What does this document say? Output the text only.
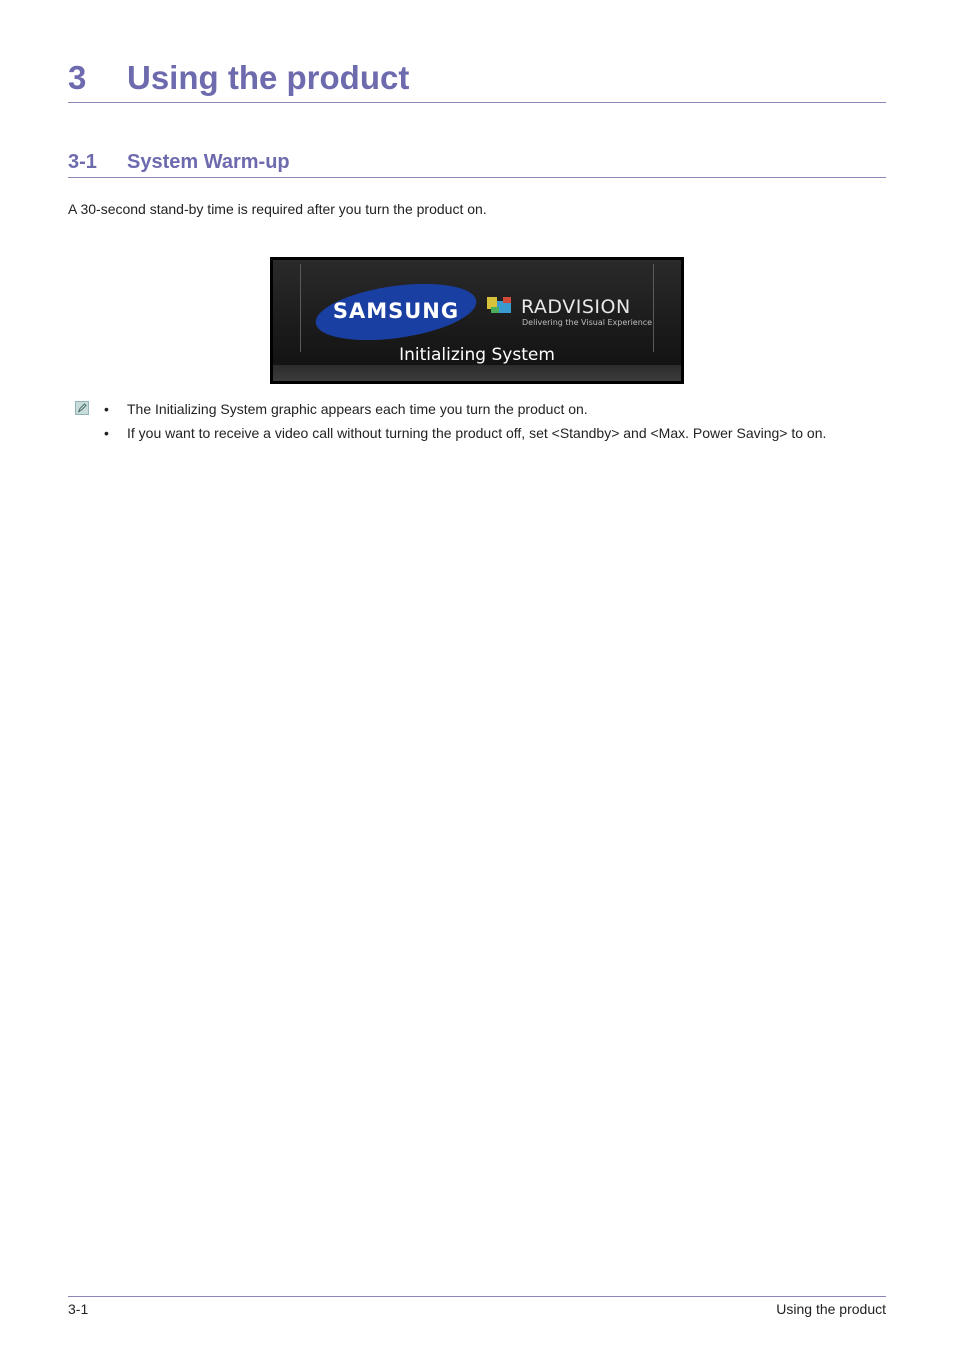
3 Using the product
3-1 System Warm-up
A 30-second stand-by time is required after you turn the product on.
SAMSUNG	RADVISION
Delivering the Visual Experience
Initializing System
• The Initializing System graphic appears each time you turn the product on.
• If you want to receive a video call without turning the product off, set <Standby> and <Max. Power Saving> to on.
3-1	Using the product
